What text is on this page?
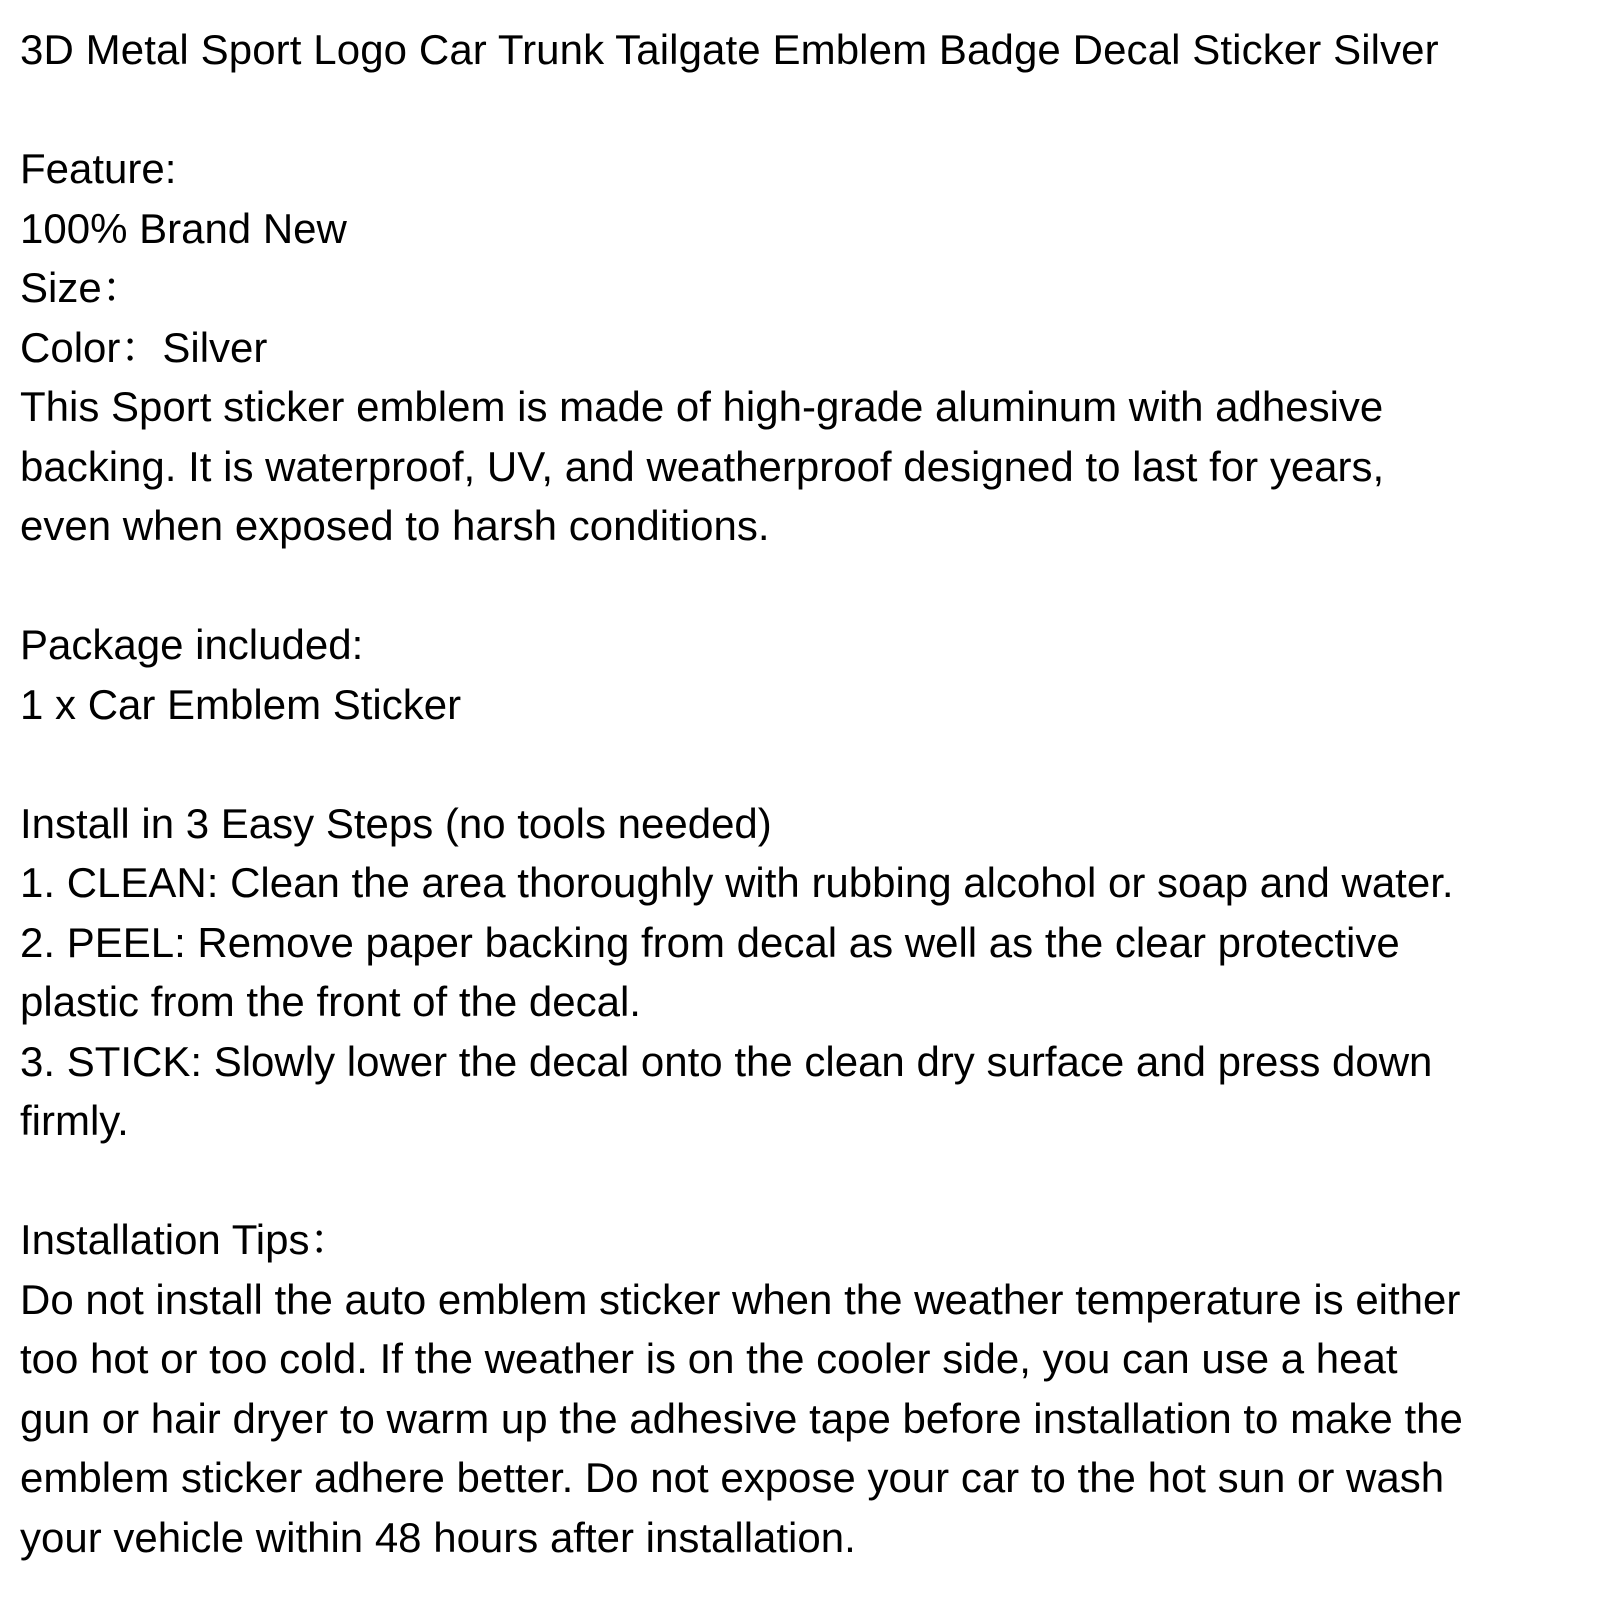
3D Metal Sport Logo Car Trunk Tailgate Emblem Badge Decal Sticker Silver
Feature:
100% Brand New
Size：
Color：Silver
This Sport sticker emblem is made of high-grade aluminum with adhesive
backing. It is waterproof, UV, and weatherproof designed to last for years,
even when exposed to harsh conditions.
Package included:
1 x Car Emblem Sticker
Install in 3 Easy Steps (no tools needed)
1. CLEAN: Clean the area thoroughly with rubbing alcohol or soap and water.
2. PEEL: Remove paper backing from decal as well as the clear protective
plastic from the front of the decal.
3. STICK: Slowly lower the decal onto the clean dry surface and press down
firmly.
Installation Tips：
Do not install the auto emblem sticker when the weather temperature is either
too hot or too cold. If the weather is on the cooler side, you can use a heat
gun or hair dryer to warm up the adhesive tape before installation to make the
emblem sticker adhere better. Do not expose your car to the hot sun or wash
your vehicle within 48 hours after installation.
